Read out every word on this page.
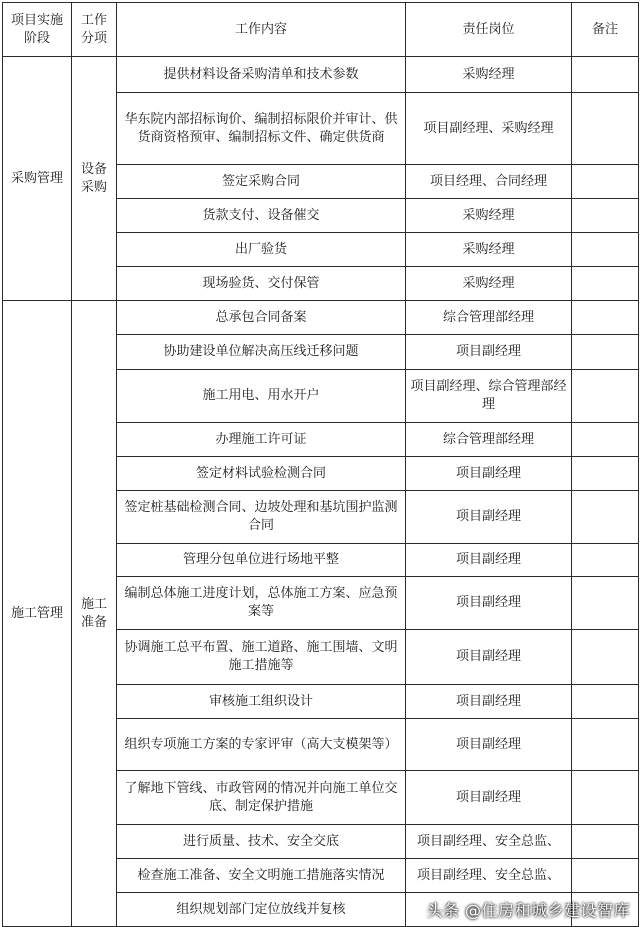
项目实施阶段	工作分项	工作内容	责任岗位	备注
采购管理	设备采购	提供材料设备采购清单和技术参数	采购经理	
		华东院内部招标询价、编制招标限价并审计、供货商资格预审、编制招标文件、确定供货商	项目副经理、采购经理	
		签定采购合同	项目经理、合同经理	
		货款支付、设备催交	采购经理	
		出厂验货	采购经理	
		现场验货、交付保管	采购经理	
施工管理	施工准备	总承包合同备案	综合管理部经理	
		协助建设单位解决高压线迁移问题	项目副经理	
		施工用电、用水开户	项目副经理、综合管理部经理	
		办理施工许可证	综合管理部经理	
		签定材料试验检测合同	项目副经理	
		签定桩基础检测合同、边坡处理和基坑围护监测合同	项目副经理	
		管理分包单位进行场地平整	项目副经理	
		编制总体施工进度计划，总体施工方案、应急预案等	项目副经理	
		协调施工总平布置、施工道路、施工围墙、文明施工措施等	项目副经理	
		审核施工组织设计	项目副经理	
		组织专项施工方案的专家评审（高大支模架等）	项目副经理	
		了解地下管线、市政管网的情况并向施工单位交底、制定保护措施	项目副经理	
		进行质量、技术、安全交底	项目副经理、安全总监、	
		检查施工准备、安全文明施工措施落实情况	项目副经理、安全总监、	
		组织规划部门定位放线并复核			头条 @住房和城乡建设智库
